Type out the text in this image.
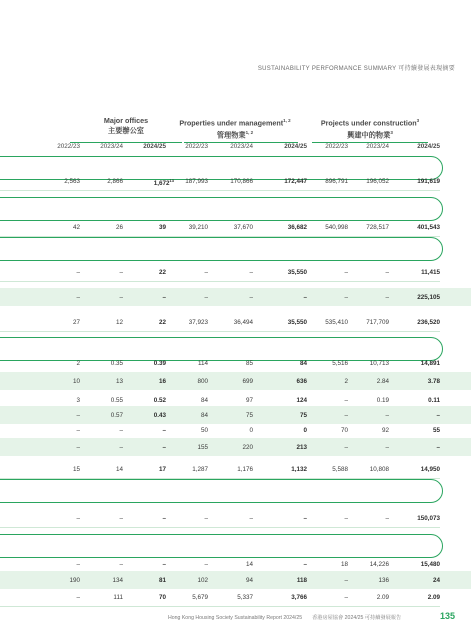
SUSTAINABILITY PERFORMANCE SUMMARY 可持續發展表現摘要
Major offices
主要辦公室
Properties under management$^{1, 2}$
管理物業$^{1, 2}$
Projects under construction$^3$
興建中的物業$^3$
2022/23	2023/24	2024/25	2022/23	2023/24	2024/25	2022/23	2023/24	2024/25
2,563	2,866	1,672$^{13}$	187,993	170,866	172,447	896,791	196,052	191,619
42	26	39	39,210	37,670	36,682	540,998	728,517	401,543
–	–	22	–	–	35,550	–	–	11,415
–	–	–	–	–	–	–	–	225,105
27	12	22	37,923	36,494	35,550	535,410	717,709	236,520
2	0.35	0.39	114	85	84	5,516	10,713	14,891
10	13	16	800	699	636	2	2.84	3.78
3	0.55	0.52	84	97	124	–	0.19	0.11
–	0.57	0.43	84	75	75	–	–	–
–	–	–	50	0	0	70	92	55
–	–	–	155	220	213	–	–	–
15	14	17	1,287	1,176	1,132	5,588	10,808	14,950
–	–	–	–	–	–	–	–	150,073
–	–	–	–	14	–	18	14,226	15,480
190	134	81	102	94	118	–	136	24
–	111	70	5,679	5,337	3,766	–	2.09	2.09
Hong Kong Housing Society Sustainability Report 2024/25 香港房屋協會 2024/25 可持續發展報告	135
